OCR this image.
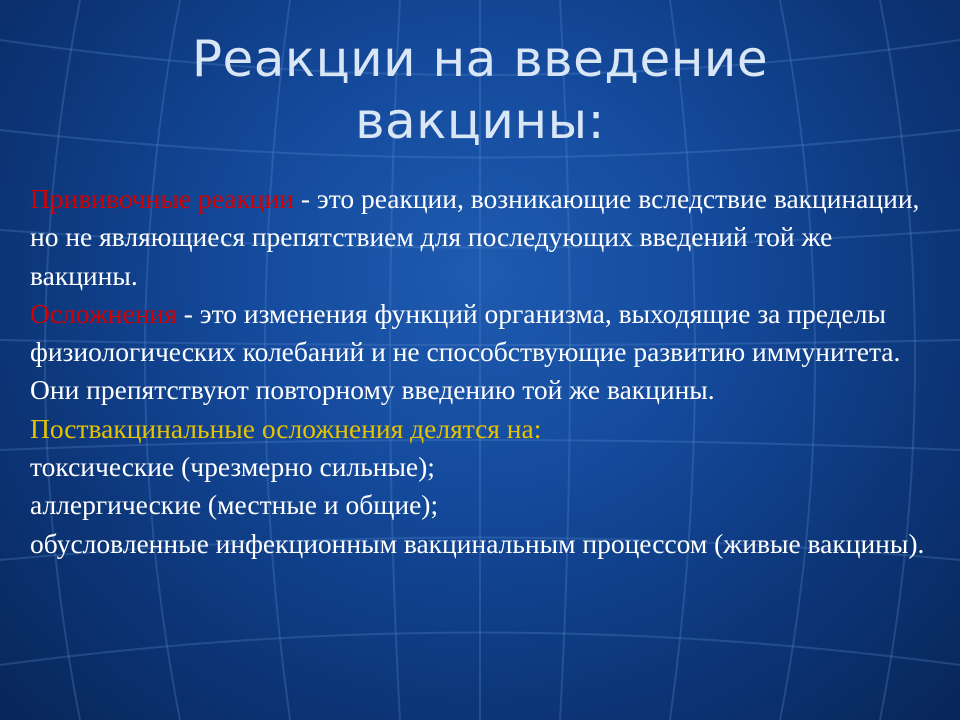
Реакции на введение
вакцины:

Прививочные реакции - это реакции, возникающие вследствие вакцинации, но не являющиеся препятствием для последующих введений той же вакцины.

Осложнения - это изменения функций организма, выходящие за пределы физиологических колебаний и не способствующие развитию иммунитета. Они препятствуют повторному введению той же вакцины.

Поствакцинальные осложнения делятся на:

токсические (чрезмерно сильные);

аллергические (местные и общие);

обусловленные инфекционным вакцинальным процессом (живые вакцины).
